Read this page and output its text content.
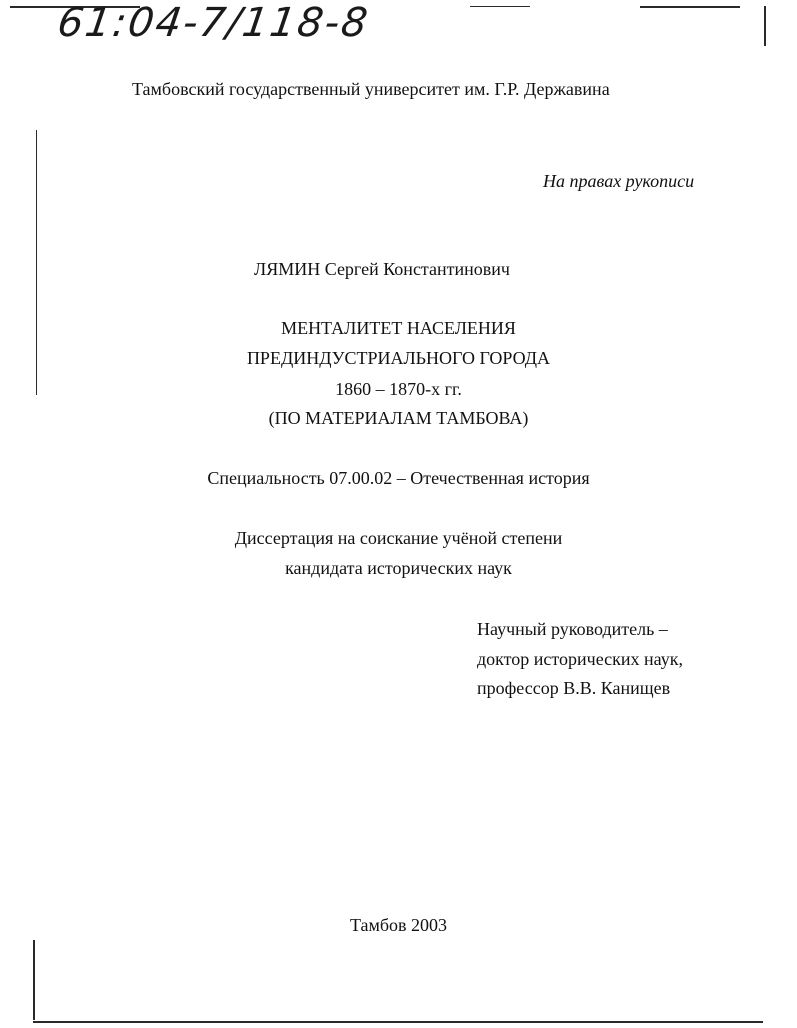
61:04-7/118-8
Тамбовский государственный университет им. Г.Р. Державина
На правах рукописи
ЛЯМИН Сергей Константинович
МЕНТАЛИТЕТ НАСЕЛЕНИЯ
ПРЕДИНДУСТРИАЛЬНОГО ГОРОДА
1860 – 1870-х гг.
(ПО МАТЕРИАЛАМ ТАМБОВА)
Специальность 07.00.02 – Отечественная история
Диссертация на соискание учёной степени
кандидата исторических наук
Научный руководитель –
доктор исторических наук,
профессор В.В. Канищев
Тамбов 2003
